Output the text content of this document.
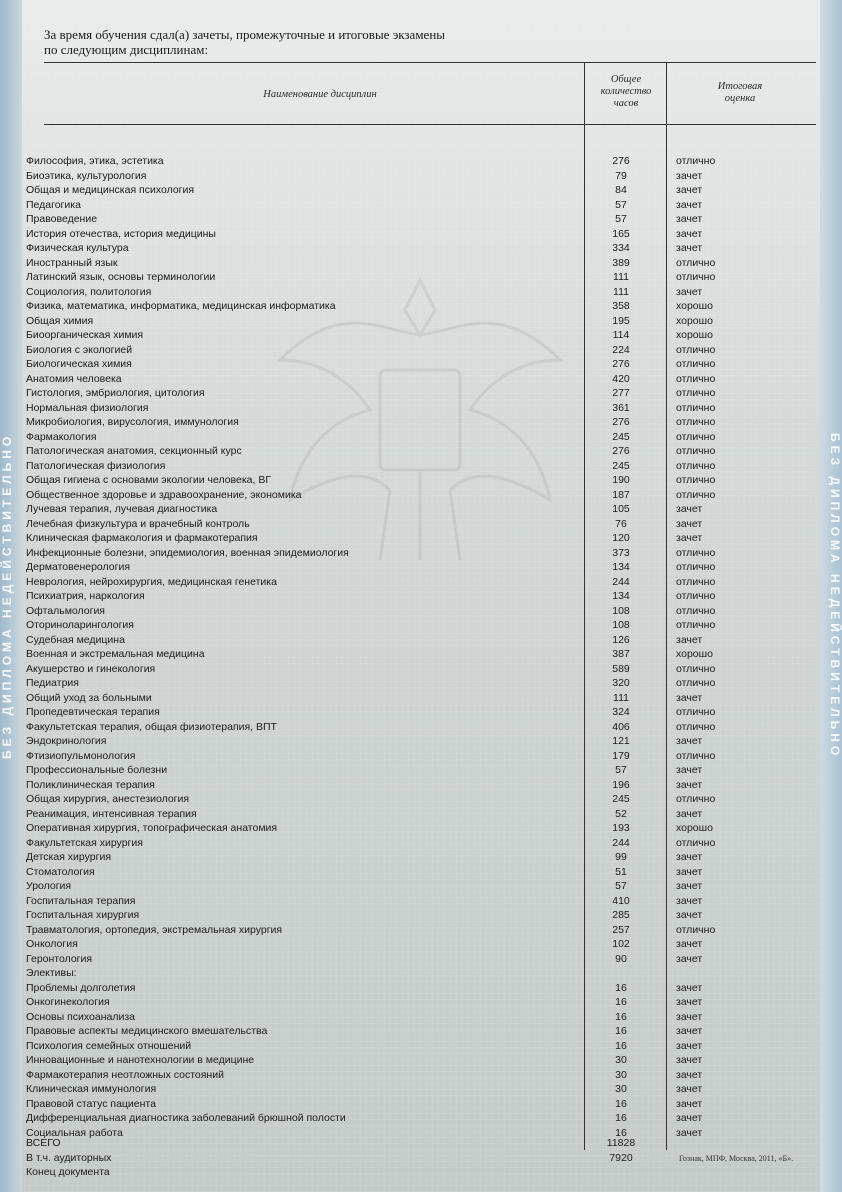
БЕЗ ДИПЛОМА НЕДЕЙСТВИТЕЛЬНО	БЕЗ ДИПЛОМА НЕДЕЙСТВИТЕЛЬНО
За время обучения сдал(а) зачеты, промежуточные и итоговые экзамены
по следующим дисциплинам:
Наименование дисциплин
Общее
количество
часов
Итоговая
оценка
Философия, этика, эстетика	276	отлично
Биоэтика, культурология	79	зачет
Общая и медицинская психология	84	зачет
Педагогика	57	зачет
Правоведение	57	зачет
История отечества, история медицины	165	зачет
Физическая культура	334	зачет
Иностранный язык	389	отлично
Латинский язык, основы терминологии	111	отлично
Социология, политология	111	зачет
Физика, математика, информатика, медицинская информатика	358	хорошо
Общая химия	195	хорошо
Биоорганическая химия	114	хорошо
Биология с экологией	224	отлично
Биологическая химия	276	отлично
Анатомия человека	420	отлично
Гистология, эмбриология, цитология	277	отлично
Нормальная физиология	361	отлично
Микробиология, вирусология, иммунология	276	отлично
Фармакология	245	отлично
Патологическая анатомия, секционный курс	276	отлично
Патологическая физиология	245	отлично
Общая гигиена с основами экологии человека, ВГ	190	отлично
Общественное здоровье и здравоохранение, экономика	187	отлично
Лучевая терапия, лучевая диагностика	105	зачет
Лечебная физкультура и врачебный контроль	76	зачет
Клиническая фармакология и фармакотерапия	120	зачет
Инфекционные болезни, эпидемиология, военная эпидемиология	373	отлично
Дерматовенерология	134	отлично
Неврология, нейрохирургия, медицинская генетика	244	отлично
Психиатрия, наркология	134	отлично
Офтальмология	108	отлично
Оториноларингология	108	отлично
Судебная медицина	126	зачет
Военная и экстремальная медицина	387	хорошо
Акушерство и гинекология	589	отлично
Педиатрия	320	отлично
Общий уход за больными	111	зачет
Пропедевтическая терапия	324	отлично
Факультетская терапия, общая физиотерапия, ВПТ	406	отлично
Эндокринология	121	зачет
Фтизиопульмонология	179	отлично
Профессиональные болезни	57	зачет
Поликлиническая терапия	196	зачет
Общая хирургия, анестезиология	245	отлично
Реанимация, интенсивная терапия	52	зачет
Оперативная хирургия, топографическая анатомия	193	хорошо
Факультетская хирургия	244	отлично
Детская хирургия	99	зачет
Стоматология	51	зачет
Урология	57	зачет
Госпитальная терапия	410	зачет
Госпитальная хирургия	285	зачет
Травматология, ортопедия, экстремальная хирургия	257	отлично
Онкология	102	зачет
Геронтология	90	зачет
Элективы:
Проблемы долголетия	16	зачет
Онкогинекология	16	зачет
Основы психоанализа	16	зачет
Правовые аспекты медицинского вмешательства	16	зачет
Психология семейных отношений	16	зачет
Инновационные и нанотехнологии в медицине	30	зачет
Фармакотерапия неотложных состояний	30	зачет
Клиническая иммунология	30	зачет
Правовой статус пациента	16	зачет
Дифференциальная диагностика заболеваний брюшной полости	16	зачет
Социальная работа	16	зачет
ВСЕГО	11828
В т.ч. аудиторных	7920
Конец документа
Гознак, МПФ, Москва, 2011, «Б».
